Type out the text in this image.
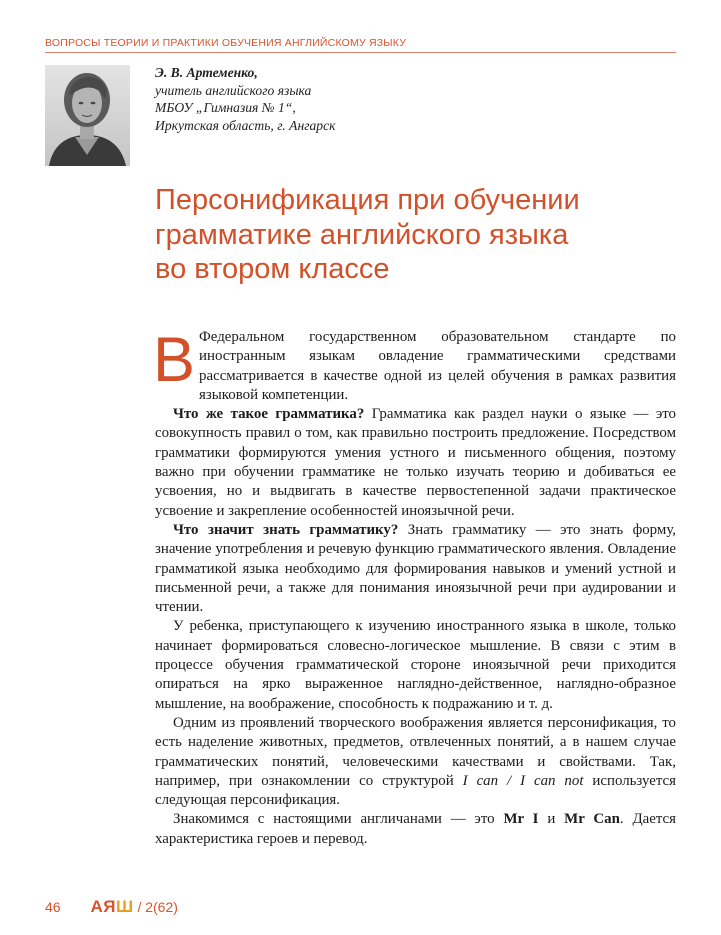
ВОПРОСЫ ТЕОРИИ И ПРАКТИКИ ОБУЧЕНИЯ АНГЛИЙСКОМУ ЯЗЫКУ
Э. В. Артеменко,
учитель английского языка
МБОУ „Гимназия № 1“,
Иркутская область, г. Ангарск
Персонификация при обучении
грамматике английского языка
во втором классе

В Федеральном государственном образовательном стандарте по иностранным языкам овладение грамматическими средствами рассматривается в качестве одной из целей обучения в рамках развития языковой компетенции.

Что же такое грамматика? Грамматика как раздел науки о языке — это совокупность правил о том, как правильно построить предложение. Посредством грамматики формируются умения устного и письменного общения, поэтому важно при обучении грамматике не только изучать теорию и добиваться ее усвоения, но и выдвигать в качестве первостепенной задачи практическое усвоение и закрепление особенностей иноязычной речи.

Что значит знать грамматику? Знать грамматику — это знать форму, значение употребления и речевую функцию грамматического явления. Овладение грамматикой языка необходимо для формирования навыков и умений устной и письменной речи, а также для понимания иноязычной речи при аудировании и чтении.

У ребенка, приступающего к изучению иностранного языка в школе, только начинает формироваться словесно-логическое мышление. В связи с этим в процессе обучения грамматической стороне иноязычной речи приходится опираться на ярко выраженное наглядно-действенное, наглядно-образное мышление, на воображение, способность к подражанию и т. д.

Одним из проявлений творческого воображения является персонификация, то есть наделение животных, предметов, отвлеченных понятий, а в нашем случае грамматических понятий, человеческими качествами и свойствами. Так, например, при ознакомлении со структурой I can / I can not используется следующая персонификация.

Знакомимся с настоящими англичанами — это Mr I и Mr Can. Дается характеристика героев и перевод.

46 АЯШ / 2(62)
